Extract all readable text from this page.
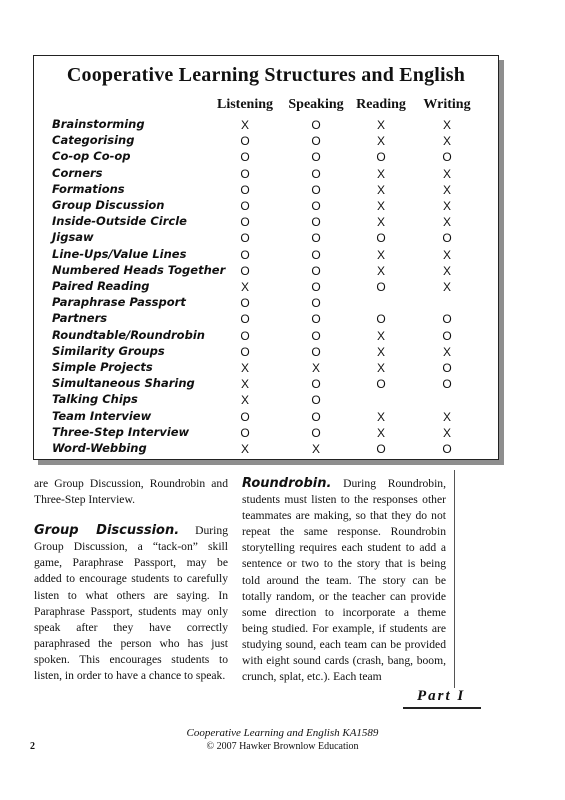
Cooperative Learning Structures and English
Listening Speaking Reading Writing
Brainstorming	X	O	X	X
Categorising	O	O	X	X
Co-op Co-op	O	O	O	O
Corners	O	O	X	X
Formations	O	O	X	X
Group Discussion	O	O	X	X
Inside-Outside Circle	O	O	X	X
Jigsaw	O	O	O	O
Line-Ups/Value Lines	O	O	X	X
Numbered Heads Together O	O	X	X
Paired Reading	X	O	O	X
Paraphrase Passport	O	O
Partners	O	O	O	O
Roundtable/Roundrobin	O	O	X	O
Similarity Groups	O	O	X	X
Simple Projects	X	X	X	O
Simultaneous Sharing	X	O	O	O
Talking Chips	X	O
Team Interview	O	O	X	X
Three-Step Interview	O	O	X	X
Word-Webbing	X	X	O	O
are Group Discussion, Roundrobin and Three-Step Interview.
Group Discussion. During Group Discussion, a “tack-on” skill game, Paraphrase Passport, may be added to encourage students to carefully listen to what others are saying. In Paraphrase Passport, students may only speak after they have correctly paraphrased the person who has just spoken. This encourages students to listen, in order to have a chance to speak.
Roundrobin. During Roundrobin, students must listen to the responses other teammates are making, so that they do not repeat the same response. Roundrobin storytelling requires each student to add a sentence or two to the story that is being told around the team. The story can be totally random, or the teacher can provide some direction to incorporate a theme being studied. For example, if students are studying sound, each team can be provided with eight sound cards (crash, bang, boom, crunch, splat, etc.). Each team
Part I
Cooperative Learning and English KA1589
© 2007 Hawker Brownlow Education
2
